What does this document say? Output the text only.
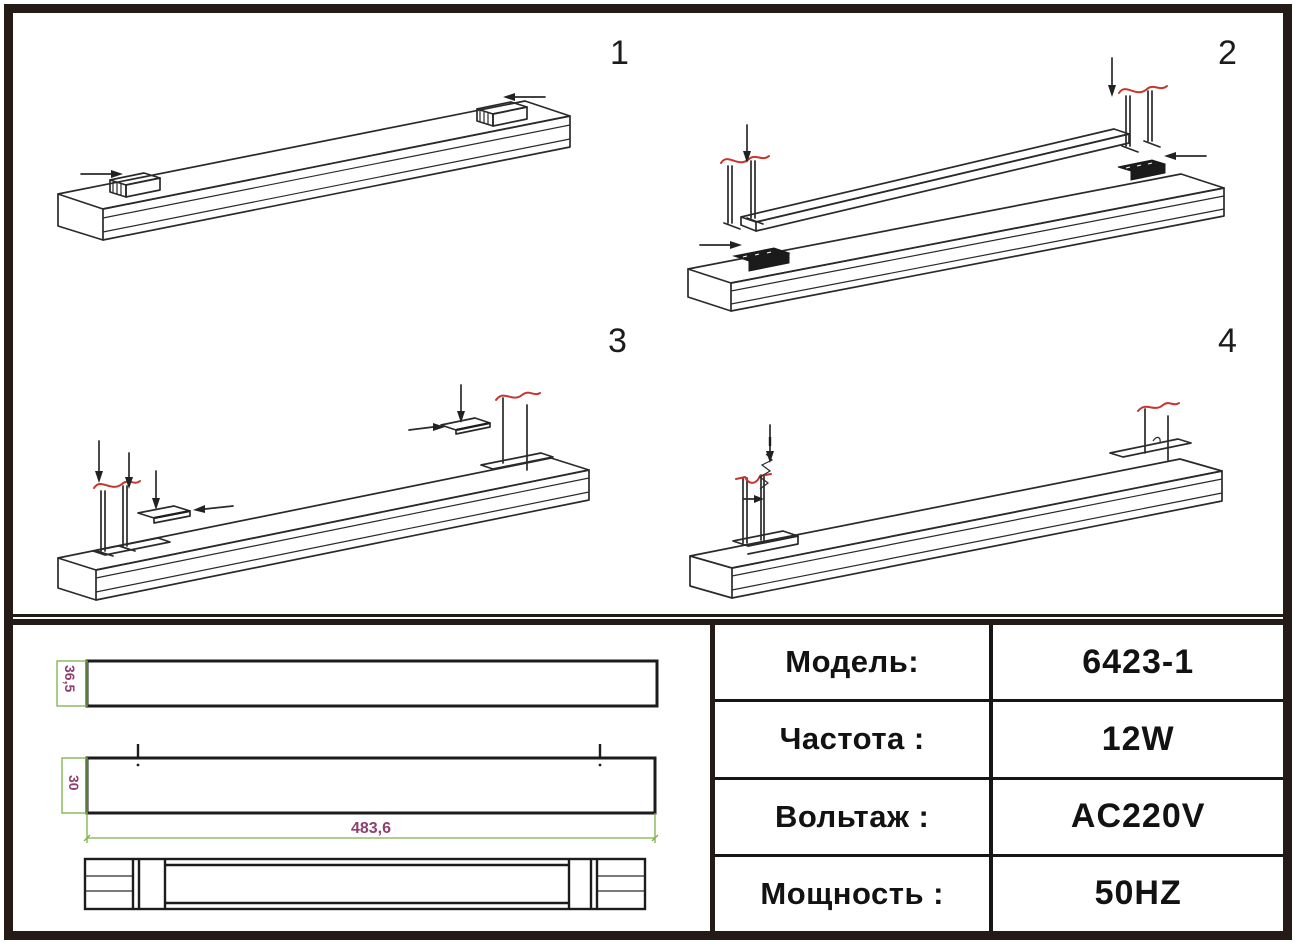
1	2
3	4
36,5
30
483,6
Модель:	6423-1
Частота :	12W
Вольтаж :	AC220V
Мощность :	50HZ
